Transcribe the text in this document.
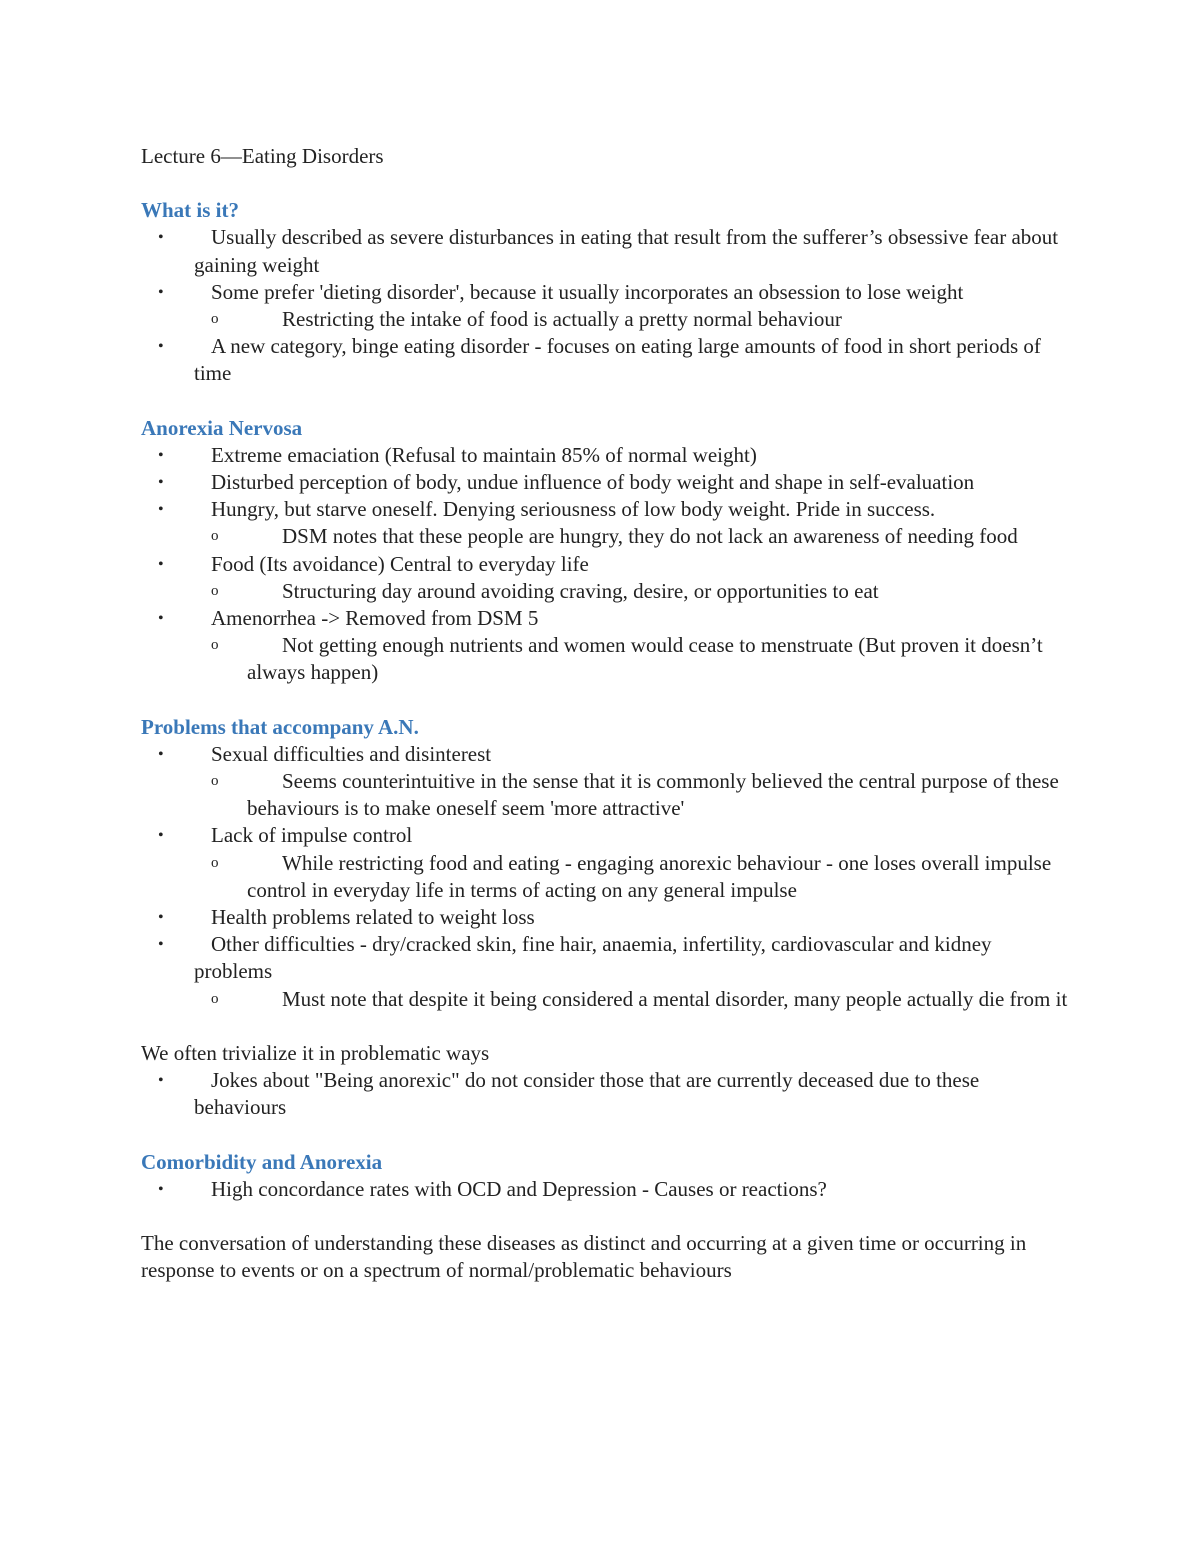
Lecture 6—Eating Disorders

What is it?

• Usually described as severe disturbances in eating that result from the sufferer’s obsessive fear about gaining weight
• Some prefer 'dieting disorder', because it usually incorporates an obsession to lose weight
o	Restricting the intake of food is actually a pretty normal behaviour
• A new category, binge eating disorder - focuses on eating large amounts of food in short periods of time

Anorexia Nervosa

• Extreme emaciation (Refusal to maintain 85% of normal weight)
• Disturbed perception of body, undue influence of body weight and shape in self-evaluation
• Hungry, but starve oneself. Denying seriousness of low body weight. Pride in success.
o	DSM notes that these people are hungry, they do not lack an awareness of needing food
• Food (Its avoidance) Central to everyday life
o	Structuring day around avoiding craving, desire, or opportunities to eat
• Amenorrhea -> Removed from DSM 5
o	Not getting enough nutrients and women would cease to menstruate (But proven it doesn’t always happen)

Problems that accompany A.N.

• Sexual difficulties and disinterest
o	Seems counterintuitive in the sense that it is commonly believed the central purpose of these behaviours is to make oneself seem 'more attractive'
• Lack of impulse control
o	While restricting food and eating - engaging anorexic behaviour - one loses overall impulse control in everyday life in terms of acting on any general impulse
• Health problems related to weight loss
• Other difficulties - dry/cracked skin, fine hair, anaemia, infertility, cardiovascular and kidney problems
o	Must note that despite it being considered a mental disorder, many people actually die from it

We often trivialize it in problematic ways

• Jokes about "Being anorexic" do not consider those that are currently deceased due to these behaviours

Comorbidity and Anorexia

• High concordance rates with OCD and Depression - Causes or reactions?

The conversation of understanding these diseases as distinct and occurring at a given time or occurring in response to events or on a spectrum of normal/problematic behaviours
